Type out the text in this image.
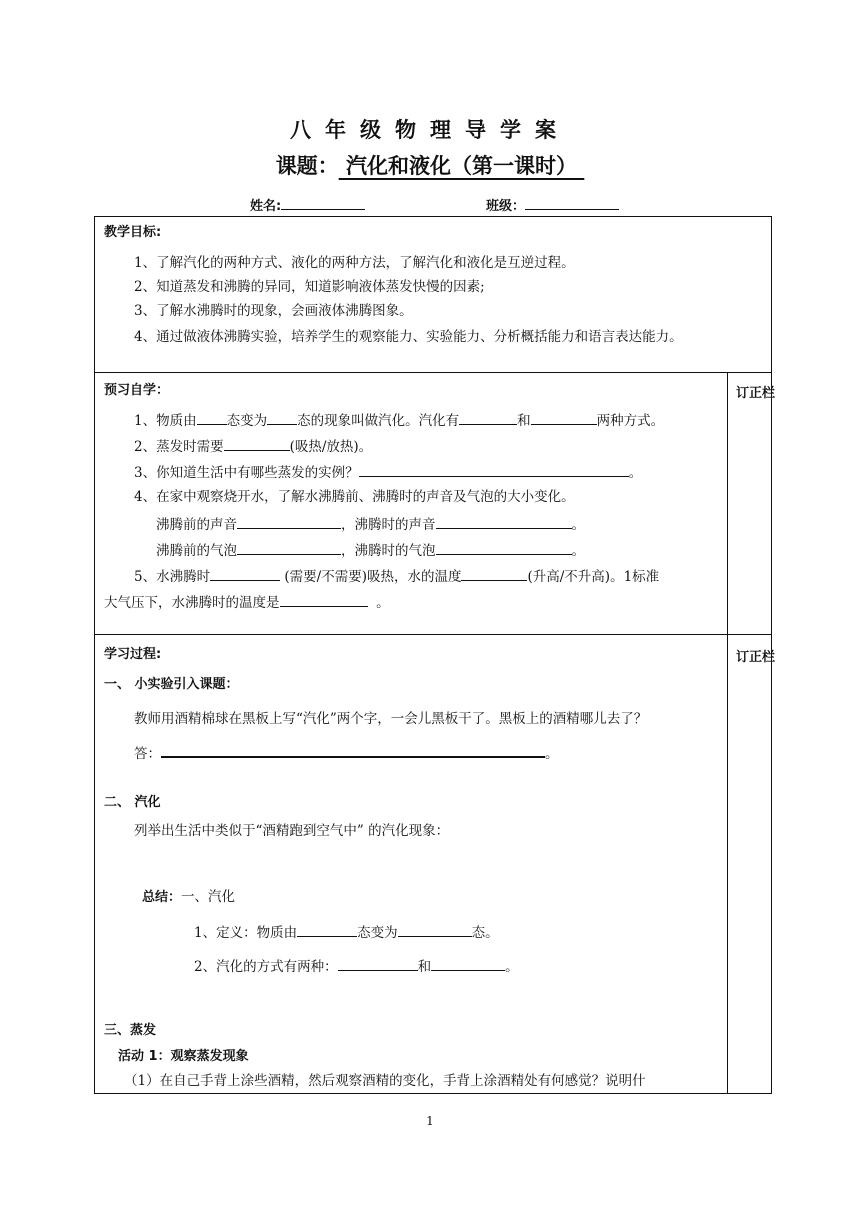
八年级物理导学案
课题： 汽化和液化（第一课时）
姓名:	班级：
教学目标:
1、了解汽化的两种方式、液化的两种方法，了解汽化和液化是互逆过程。
2、知道蒸发和沸腾的异同，知道影响液体蒸发快慢的因素;
3、了解水沸腾时的现象，会画液体沸腾图象。
4、通过做液体沸腾实验，培养学生的观察能力、实验能力、分析概括能力和语言表达能力。
预习自学：	订正栏
1、物质由 态变为 态的现象叫做汽化。汽化有	和	两种方式。
2、蒸发时需要	(吸热/放热)。
3、你知道生活中有哪些蒸发的实例？	。
4、在家中观察烧开水，了解水沸腾前、沸腾时的声音及气泡的大小变化。
沸腾前的声音	，沸腾时的声音	。
沸腾前的气泡	，沸腾时的气泡	。
5、水沸腾时	(需要/不需要)吸热，水的温度	(升高/不升高)。1标准
大气压下，水沸腾时的温度是	。
学习过程:	订正栏
一、 小实验引入课题：
教师用酒精棉球在黑板上写“汽化”两个字，一会儿黑板干了。黑板上的酒精哪儿去了？
答：	。
二、 汽化
列举出生活中类似于“酒精跑到空气中” 的汽化现象：
总结：一、汽化
1、定义：物质由	态变为	态。
2、汽化的方式有两种：	和	。
三、蒸发
活动 1：观察蒸发现象
（1）在自己手背上涂些酒精，然后观察酒精的变化，手背上涂酒精处有何感觉？说明什
1
